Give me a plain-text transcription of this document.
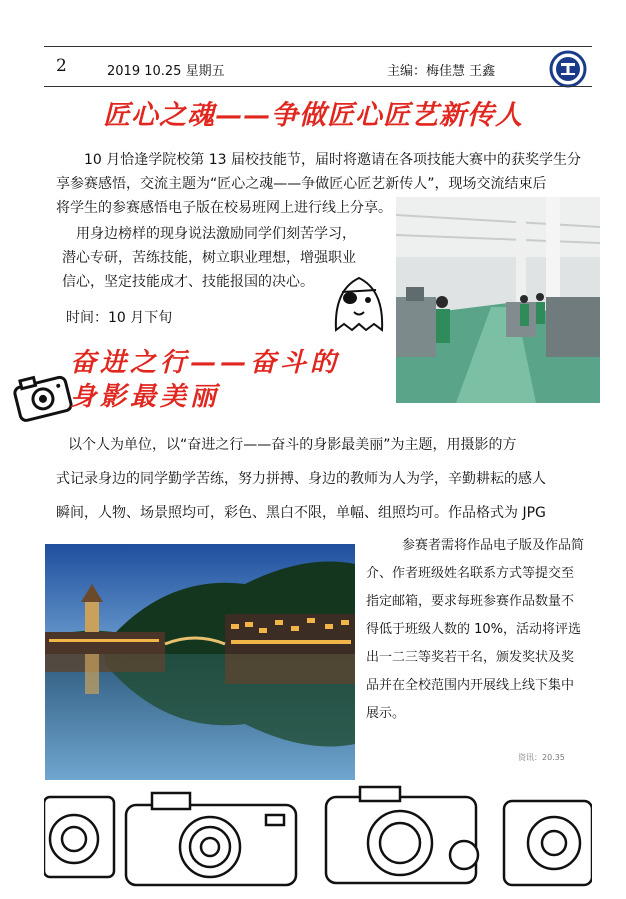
2	2019 10.25 星期五	主编：梅佳慧 王鑫
匠心之魂——争做匠心匠艺新传人
10 月恰逢学院校第 13 届校技能节，届时将邀请在各项技能大赛中的获奖学生分
享参赛感悟，交流主题为“匠心之魂——争做匠心匠艺新传人”，现场交流结束后
将学生的参赛感悟电子版在校易班网上进行线上分享。
用身边榜样的现身说法激励同学们刻苦学习，
潜心专研，苦练技能，树立职业理想，增强职业
信心，坚定技能成才、技能报国的决心。
时间：10 月下旬
奋进之行——奋斗的
身影最美丽
以个人为单位，以“奋进之行——奋斗的身影最美丽”为主题，用摄影的方
式记录身边的同学勤学苦练，努力拼搏、身边的教师为人为学，辛勤耕耘的感人
瞬间，人物、场景照均可，彩色、黑白不限，单幅、组照均可。作品格式为 JPG
参赛者需将作品电子版及作品简
介、作者班级姓名联系方式等提交至
指定邮箱，要求每班参赛作品数量不
得低于班级人数的 10%，活动将评选
出一二三等奖若干名，颁发奖状及奖
品并在全校范围内开展线上线下集中
展示。
资讯：20.35
